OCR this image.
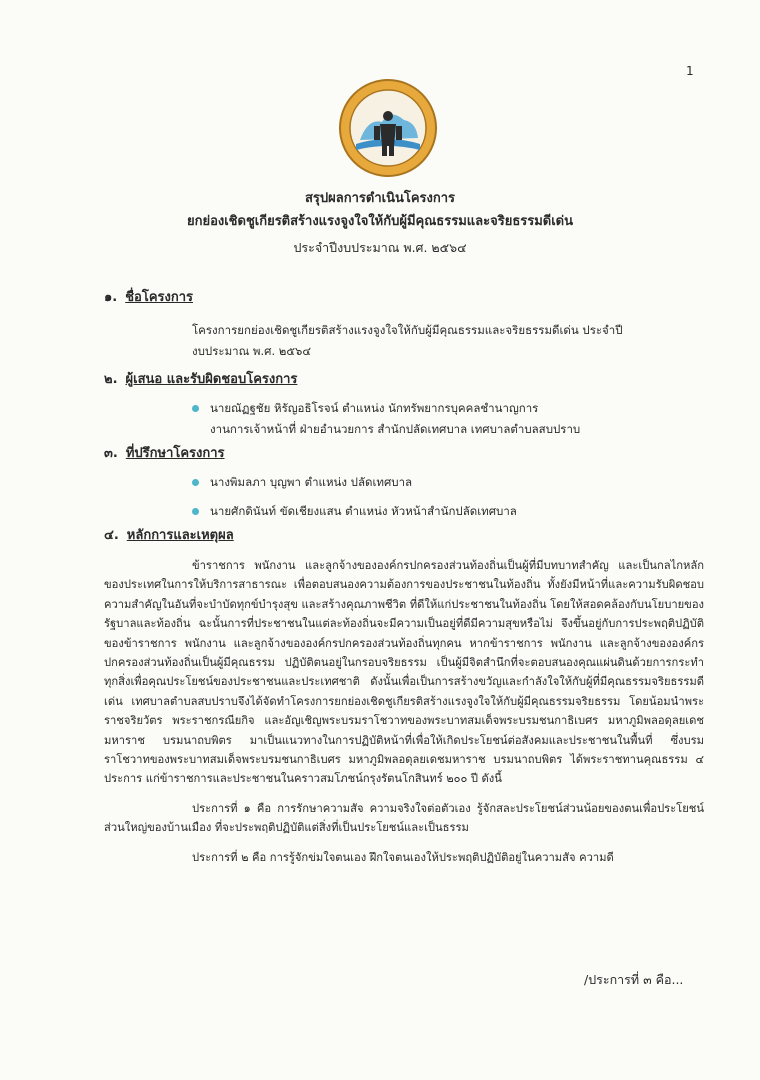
1
สรุปผลการดำเนินโครงการ
ยกย่องเชิดชูเกียรติสร้างแรงจูงใจให้กับผู้มีคุณธรรมและจริยธรรมดีเด่น
ประจำปีงบประมาณ พ.ศ. ๒๕๖๔
๑. ชื่อโครงการ
โครงการยกย่องเชิดชูเกียรติสร้างแรงจูงใจให้กับผู้มีคุณธรรมและจริยธรรมดีเด่น ประจำปี
งบประมาณ พ.ศ. ๒๕๖๔
๒. ผู้เสนอ และรับผิดชอบโครงการ
นายณัฏฐชัย หิรัญอธิโรจน์ ตำแหน่ง นักทรัพยากรบุคคลชำนาญการ
งานการเจ้าหน้าที่ ฝ่ายอำนวยการ สำนักปลัดเทศบาล เทศบาลตำบลสบปราบ
๓. ที่ปรึกษาโครงการ
นางพิมลภา บุญพา ตำแหน่ง ปลัดเทศบาล
นายศักดินันท์ ขัดเชียงแสน ตำแหน่ง หัวหน้าสำนักปลัดเทศบาล
๔. หลักการและเหตุผล

ข้าราชการ พนักงาน และลูกจ้างขององค์กรปกครองส่วนท้องถิ่นเป็นผู้ที่มีบทบาทสำคัญ และเป็นกลไกหลักของประเทศในการให้บริการสาธารณะ เพื่อตอบสนองความต้องการของประชาชนในท้องถิ่น ทั้งยังมีหน้าที่และความรับผิดชอบความสำคัญในอันที่จะบำบัดทุกข์บำรุงสุข และสร้างคุณภาพชีวิต ที่ดีให้แก่ประชาชนในท้องถิ่น โดยให้สอดคล้องกับนโยบายของรัฐบาลและท้องถิ่น ฉะนั้นการที่ประชาชนในแต่ละท้องถิ่นจะมีความเป็นอยู่ที่ดีมีความสุขหรือไม่ จึงขึ้นอยู่กับการประพฤติปฏิบัติของข้าราชการ พนักงาน และลูกจ้างขององค์กรปกครองส่วนท้องถิ่นทุกคน หากข้าราชการ พนักงาน และลูกจ้างขององค์กรปกครองส่วนท้องถิ่นเป็นผู้มีคุณธรรม ปฏิบัติตนอยู่ในกรอบจริยธรรม เป็นผู้มีจิตสำนึกที่จะตอบสนองคุณแผ่นดินด้วยการกระทำทุกสิ่งเพื่อคุณประโยชน์ของประชาชนและประเทศชาติ ดังนั้นเพื่อเป็นการสร้างขวัญและกำลังใจให้กับผู้ที่มีคุณธรรมจริยธรรมดีเด่น เทศบาลตำบลสบปราบจึงได้จัดทำโครงการยกย่องเชิดชูเกียรติสร้างแรงจูงใจให้กับผู้มีคุณธรรมจริยธรรม โดยน้อมนำพระราชจริยวัตร พระราชกรณียกิจ และอัญเชิญพระบรมราโชวาทของพระบาทสมเด็จพระบรมชนกาธิเบศร มหาภูมิพลอดุลยเดชมหาราช บรมนาถบพิตร มาเป็นแนวทางในการปฏิบัติหน้าที่เพื่อให้เกิดประโยชน์ต่อสังคมและประชาชนในพื้นที่ ซึ่งบรมราโชวาทของพระบาทสมเด็จพระบรมชนกาธิเบศร มหาภูมิพลอดุลยเดชมหาราช บรมนาถบพิตร ได้พระราชทานคุณธรรม ๔ ประการ แก่ข้าราชการและประชาชนในคราวสมโภชน์กรุงรัตนโกสินทร์ ๒๐๐ ปี ดังนี้

ประการที่ ๑ คือ การรักษาความสัจ ความจริงใจต่อตัวเอง รู้จักสละประโยชน์ส่วนน้อยของตนเพื่อประโยชน์ส่วนใหญ่ของบ้านเมือง ที่จะประพฤติปฏิบัติแต่สิ่งที่เป็นประโยชน์และเป็นธรรม

ประการที่ ๒ คือ การรู้จักข่มใจตนเอง ฝึกใจตนเองให้ประพฤติปฏิบัติอยู่ในความสัจ ความดี

/ประการที่ ๓ คือ...
